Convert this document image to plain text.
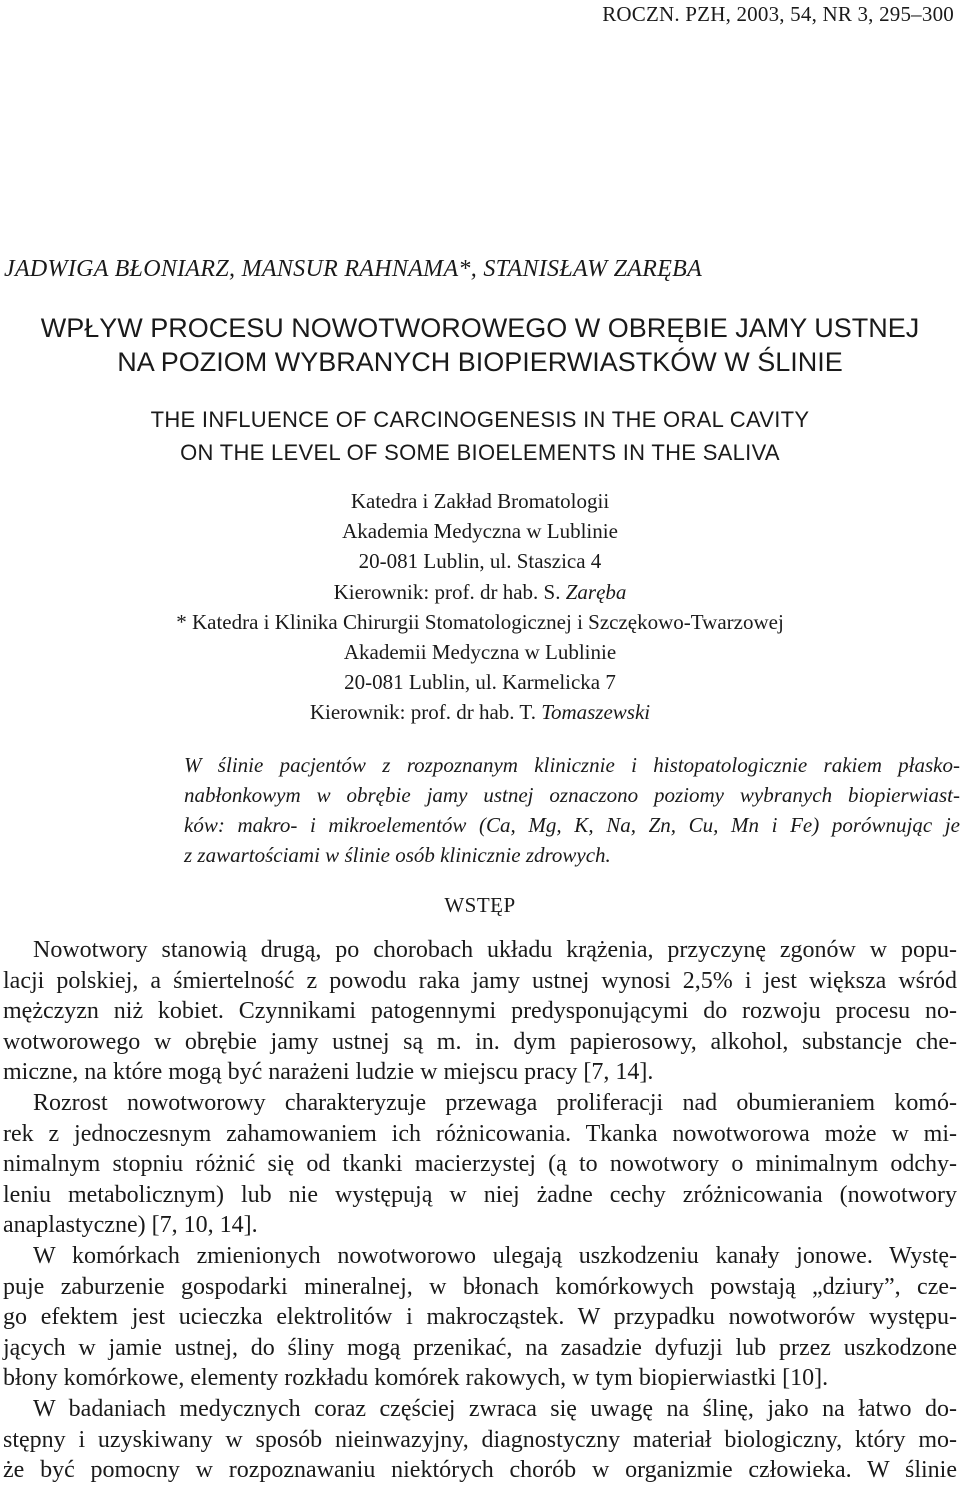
ROCZN. PZH, 2003, 54, NR 3, 295–300
JADWIGA BŁONIARZ, MANSUR RAHNAMA*, STANISŁAW ZARĘBA
WPŁYW PROCESU NOWOTWOROWEGO W OBRĘBIE JAMY USTNEJ
NA POZIOM WYBRANYCH BIOPIERWIASTKÓW W ŚLINIE
THE INFLUENCE OF CARCINOGENESIS IN THE ORAL CAVITY
ON THE LEVEL OF SOME BIOELEMENTS IN THE SALIVA
Katedra i Zakład Bromatologii
Akademia Medyczna w Lublinie
20-081 Lublin, ul. Staszica 4
Kierownik: prof. dr hab. S. Zaręba
* Katedra i Klinika Chirurgii Stomatologicznej i Szczękowo-Twarzowej
Akademii Medyczna w Lublinie
20-081 Lublin, ul. Karmelicka 7
Kierownik: prof. dr hab. T. Tomaszewski
W ślinie pacjentów z rozpoznanym klinicznie i histopatologicznie rakiem płasko-
nabłonkowym w obrębie jamy ustnej oznaczono poziomy wybranych biopierwiast-
ków: makro- i mikroelementów (Ca, Mg, K, Na, Zn, Cu, Mn i Fe) porównując je
z zawartościami w ślinie osób klinicznie zdrowych.
WSTĘP
Nowotwory stanowią drugą, po chorobach układu krążenia, przyczynę zgonów w popu-
lacji polskiej, a śmiertelność z powodu raka jamy ustnej wynosi 2,5% i jest większa wśród
mężczyzn niż kobiet. Czynnikami patogennymi predysponującymi do rozwoju procesu no-
wotworowego w obrębie jamy ustnej są m. in. dym papierosowy, alkohol, substancje che-
miczne, na które mogą być narażeni ludzie w miejscu pracy [7, 14].
Rozrost nowotworowy charakteryzuje przewaga proliferacji nad obumieraniem komó-
rek z jednoczesnym zahamowaniem ich różnicowania. Tkanka nowotworowa może w mi-
nimalnym stopniu różnić się od tkanki macierzystej (ą to nowotwory o minimalnym odchy-
leniu metabolicznym) lub nie występują w niej żadne cechy zróżnicowania (nowotwory
anaplastyczne) [7, 10, 14].
W komórkach zmienionych nowotworowo ulegają uszkodzeniu kanały jonowe. Wystę-
puje zaburzenie gospodarki mineralnej, w błonach komórkowych powstają „dziury”, cze-
go efektem jest ucieczka elektrolitów i makrocząstek. W przypadku nowotworów występu-
jących w jamie ustnej, do śliny mogą przenikać, na zasadzie dyfuzji lub przez uszkodzone
błony komórkowe, elementy rozkładu komórek rakowych, w tym biopierwiastki [10].
W badaniach medycznych coraz częściej zwraca się uwagę na ślinę, jako na łatwo do-
stępny i uzyskiwany w sposób nieinwazyjny, diagnostyczny materiał biologiczny, który mo-
że być pomocny w rozpoznawaniu niektórych chorób w organizmie człowieka. W ślinie
